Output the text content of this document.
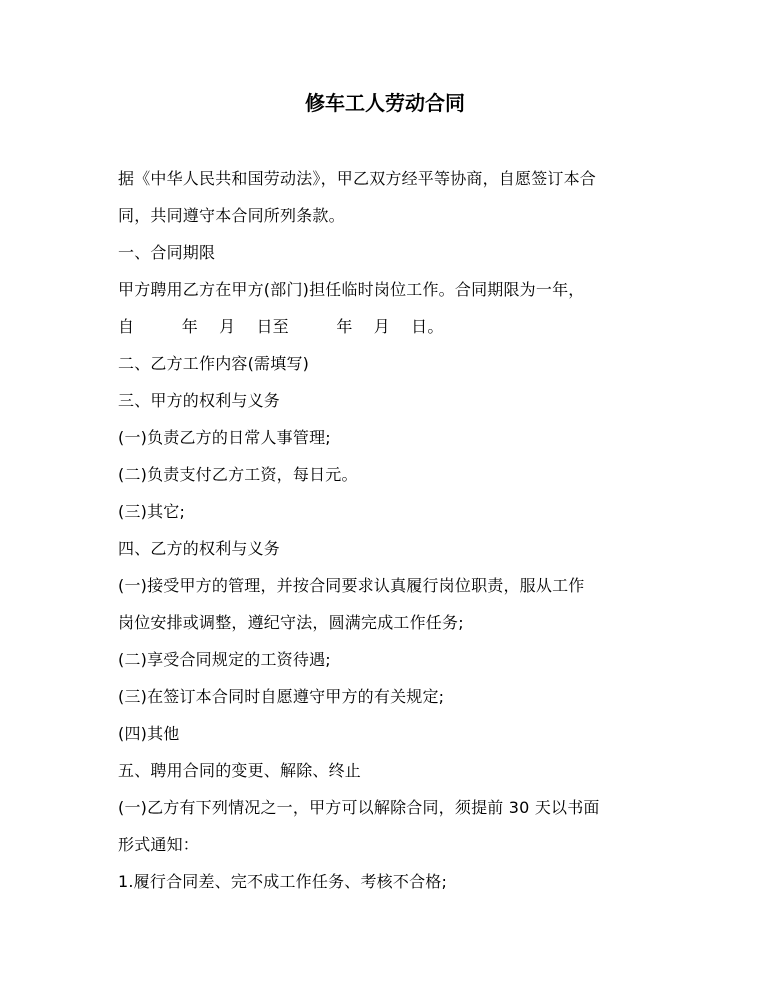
修车工人劳动合同

据《中华人民共和国劳动法》，甲乙双方经平等协商，自愿签订本合

同，共同遵守本合同所列条款。

一、合同期限

甲方聘用乙方在甲方(部门)担任临时岗位工作。合同期限为一年，

自         年    月    日至         年    月    日。

二、乙方工作内容(需填写)

三、甲方的权利与义务

(一)负责乙方的日常人事管理;

(二)负责支付乙方工资，每日元。

(三)其它;

四、乙方的权利与义务

(一)接受甲方的管理，并按合同要求认真履行岗位职责，服从工作

岗位安排或调整，遵纪守法，圆满完成工作任务;

(二)享受合同规定的工资待遇;

(三)在签订本合同时自愿遵守甲方的有关规定;

(四)其他

五、聘用合同的变更、解除、终止

(一)乙方有下列情况之一，甲方可以解除合同，须提前 30 天以书面

形式通知：

1.履行合同差、完不成工作任务、考核不合格;
